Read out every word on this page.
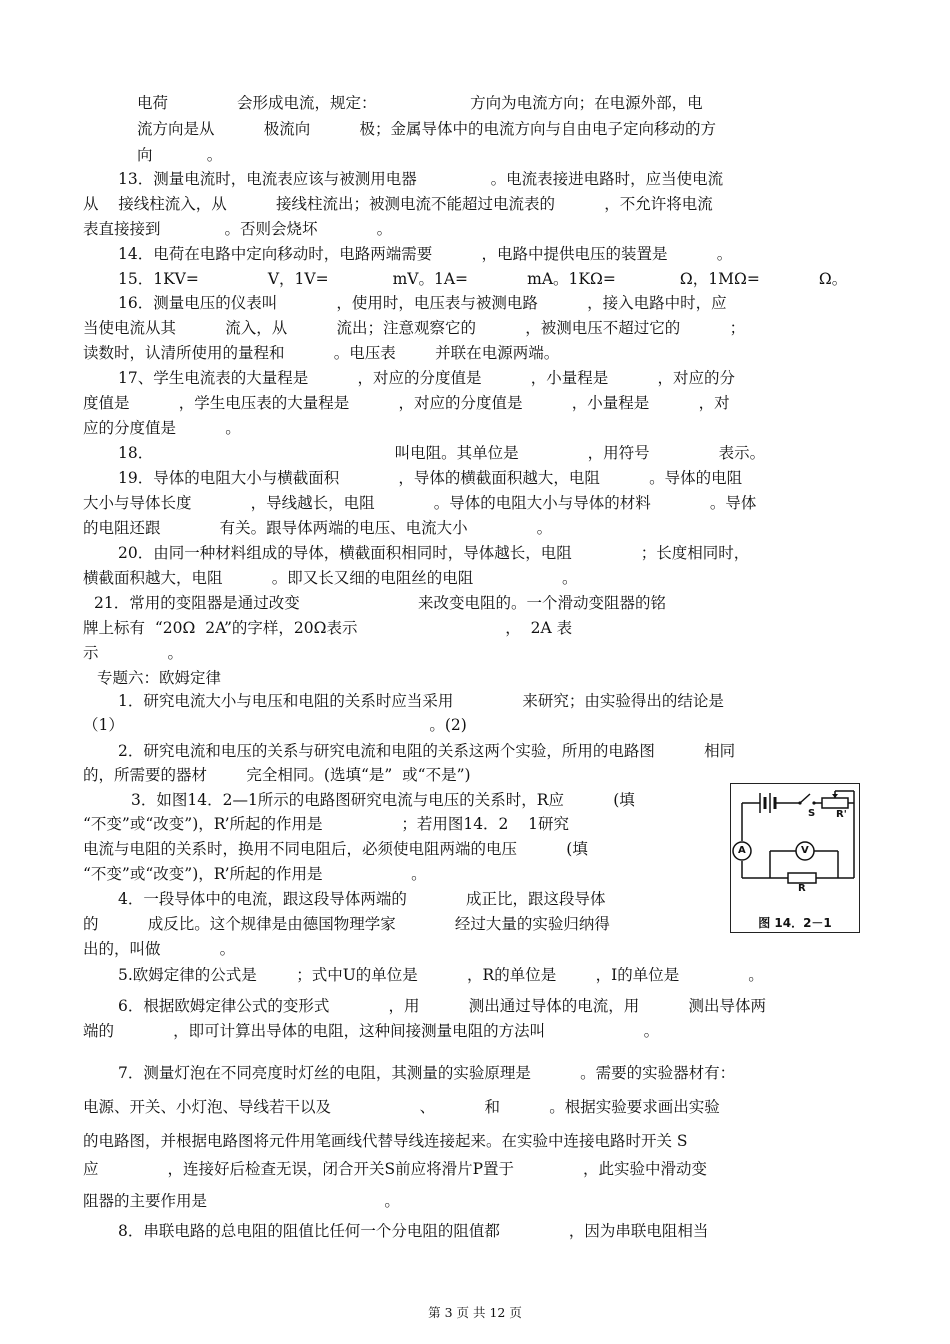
电荷              会形成电流，规定：                   方向为电流方向；在电源外部，电

流方向是从          极流向          极；金属导体中的电流方向与自由电子定向移动的方

向           。

13．测量电流时，电流表应该与被测用电器               。电流表接进电路时，应当使电流

从    接线柱流入，从          接线柱流出；被测电流不能超过电流表的          ，不允许将电流

表直接接到             。否则会烧坏            。

14．电荷在电路中定向移动时，电路两端需要          ，电路中提供电压的装置是          。

15．1KV=              V，1V=             mV。1A=            mA。1KΩ=             Ω，1MΩ=            Ω。

16．测量电压的仪表叫            ，使用时，电压表与被测电路          ，接入电路中时，应

当使电流从其          流入，从          流出；注意观察它的          ，被测电压不超过它的          ；

读数时，认清所使用的量程和          。电压表        并联在电源两端。

17、学生电流表的大量程是          ，对应的分度值是          ，小量程是          ，对应的分

度值是          ，学生电压表的大量程是          ，对应的分度值是          ，小量程是          ，对

应的分度值是          。

18．                                                 叫电阻。其单位是              ，用符号              表示。

19．导体的电阻大小与横截面积            ，导体的横截面积越大，电阻          。导体的电阻

大小与导体长度            ，导线越长，电阻            。导体的电阻大小与导体的材料            。导体

的电阻还跟            有关。跟导体两端的电压、电流大小              。

20．由同一种材料组成的导体，横截面积相同时，导体越长，电阻              ；长度相同时，

横截面积越大，电阻          。即又长又细的电阻丝的电阻                  。

21．常用的变阻器是通过改变                        来改变电阻的。一个滑动变阻器的铭

牌上标有  “20Ω  2A”的字样，20Ω表示                              ，  2A 表

示              。

专题六：欧姆定律

1．研究电流大小与电压和电阻的关系时应当采用              来研究；由实验得出的结论是

（1）                                                              。(2)

2．研究电流和电压的关系与研究电流和电阻的关系这两个实验，所用的电路图          相同

的，所需要的器材        完全相同。(选填“是”  或“不是”)

3．如图14．2—1所示的电路图研究电流与电压的关系时，R应          (填

“不变”或“改变”)，R’所起的作用是                ；若用图14．2    1研究

电流与电阻的关系时，换用不同电阻后，必须使电阻两端的电压          (填

“不变”或“改变”)，R’所起的作用是                  。

4．一段导体中的电流，跟这段导体两端的            成正比，跟这段导体

的          成反比。这个规律是由德国物理学家            经过大量的实验归纳得

出的，叫做            。

5.欧姆定律的公式是        ；式中U的单位是          ，R的单位是        ，I的单位是              。

6．根据欧姆定律公式的变形式            ，用          测出通过导体的电流，用          测出导体两

端的            ，即可计算出导体的电阻，这种间接测量电阻的方法叫                    。

7．测量灯泡在不同亮度时灯丝的电阻，其测量的实验原理是          。需要的实验器材有：

电源、开关、小灯泡、导线若干以及                  、          和          。根据实验要求画出实验

的电路图，并根据电路图将元件用笔画线代替导线连接起来。在实验中连接电路时开关 S

应              ，连接好后检查无误，闭合开关S前应将滑片P置于              ，此实验中滑动变

阻器的主要作用是                                    。

8．串联电路的总电阻的阻值比任何一个分电阻的阻值都              ，因为串联电阻相当

S R'
A	V
R
图 14．2－1
第 3 页 共 12 页
